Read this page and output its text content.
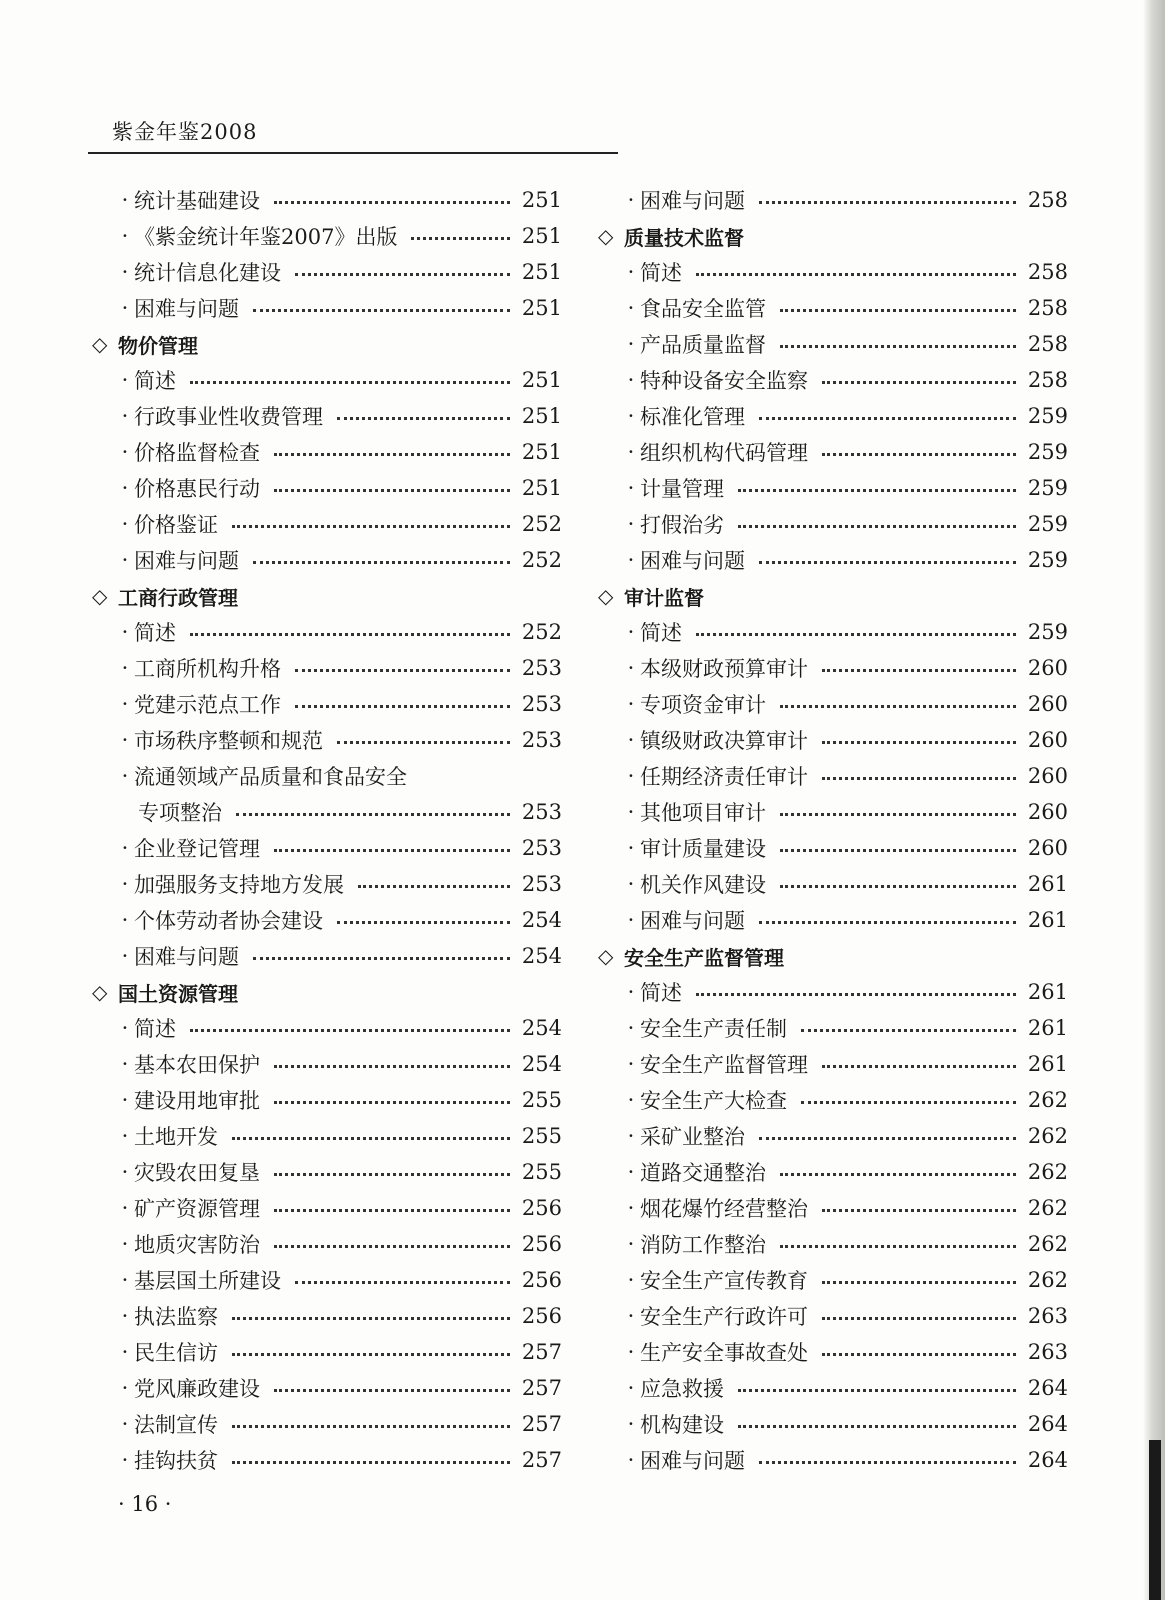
紫金年鉴2008
· 统计基础建设	251
· 《紫金统计年鉴2007》出版	251
· 统计信息化建设	251
· 困难与问题	251
◇ 物价管理
· 简述	251
· 行政事业性收费管理	251
· 价格监督检查	251
· 价格惠民行动	251
· 价格鉴证	252
· 困难与问题	252
◇ 工商行政管理
· 简述	252
· 工商所机构升格	253
· 党建示范点工作	253
· 市场秩序整顿和规范	253
· 流通领域产品质量和食品安全
专项整治	253
· 企业登记管理	253
· 加强服务支持地方发展	253
· 个体劳动者协会建设	254
· 困难与问题	254
◇ 国土资源管理
· 简述	254
· 基本农田保护	254
· 建设用地审批	255
· 土地开发	255
· 灾毁农田复垦	255
· 矿产资源管理	256
· 地质灾害防治	256
· 基层国土所建设	256
· 执法监察	256
· 民生信访	257
· 党风廉政建设	257
· 法制宣传	257
· 挂钩扶贫	257
· 困难与问题	258
◇ 质量技术监督
· 简述	258
· 食品安全监管	258
· 产品质量监督	258
· 特种设备安全监察	258
· 标准化管理	259
· 组织机构代码管理	259
· 计量管理	259
· 打假治劣	259
· 困难与问题	259
◇ 审计监督
· 简述	259
· 本级财政预算审计	260
· 专项资金审计	260
· 镇级财政决算审计	260
· 任期经济责任审计	260
· 其他项目审计	260
· 审计质量建设	260
· 机关作风建设	261
· 困难与问题	261
◇ 安全生产监督管理
· 简述	261
· 安全生产责任制	261
· 安全生产监督管理	261
· 安全生产大检查	262
· 采矿业整治	262
· 道路交通整治	262
· 烟花爆竹经营整治	262
· 消防工作整治	262
· 安全生产宣传教育	262
· 安全生产行政许可	263
· 生产安全事故查处	263
· 应急救援	264
· 机构建设	264
· 困难与问题	264
· 16 ·
